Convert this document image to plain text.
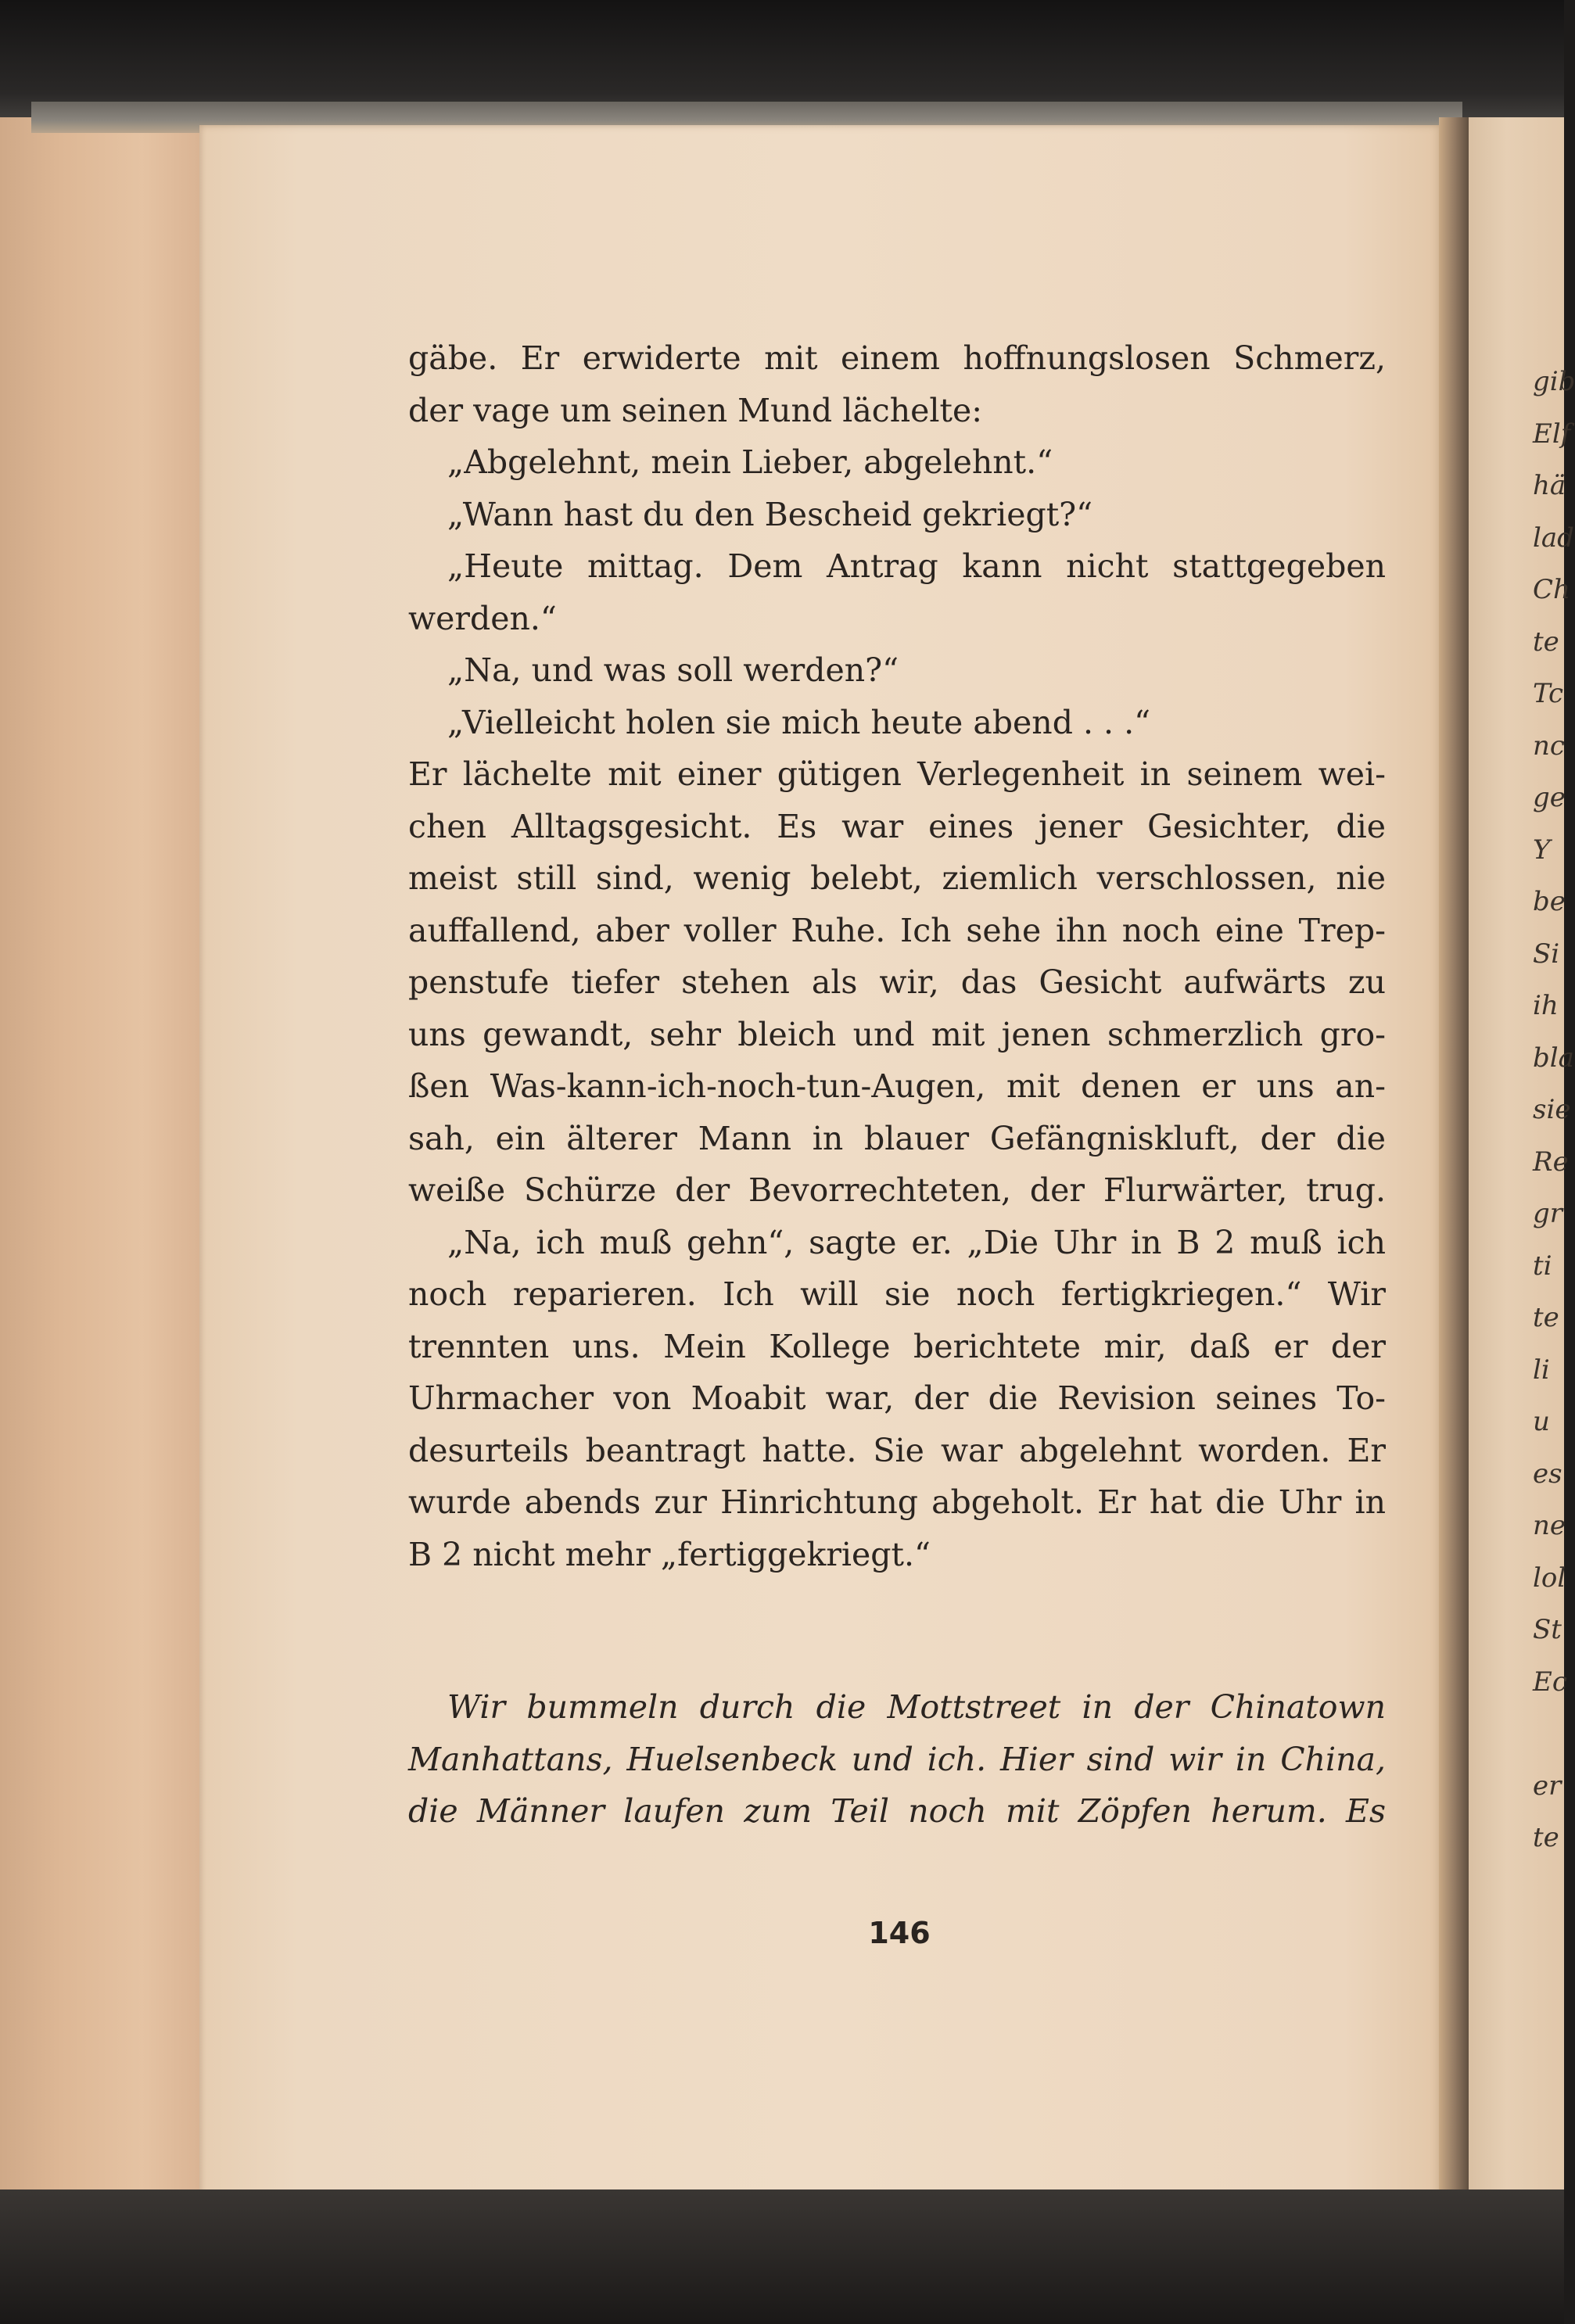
gäbe. Er erwiderte mit einem hoffnungslosen Schmerz,
der vage um seinen Mund lächelte:
„Abgelehnt, mein Lieber, abgelehnt.“
„Wann hast du den Bescheid gekriegt?“
„Heute mittag. Dem Antrag kann nicht stattgegeben
werden.“
„Na, und was soll werden?“
„Vielleicht holen sie mich heute abend . . .“
Er lächelte mit einer gütigen Verlegenheit in seinem wei-
chen Alltagsgesicht. Es war eines jener Gesichter, die
meist still sind, wenig belebt, ziemlich verschlossen, nie
auffallend, aber voller Ruhe. Ich sehe ihn noch eine Trep-
penstufe tiefer stehen als wir, das Gesicht aufwärts zu
uns gewandt, sehr bleich und mit jenen schmerzlich gro-
ßen Was-kann-ich-noch-tun-Augen, mit denen er uns an-
sah, ein älterer Mann in blauer Gefängniskluft, der die
weiße Schürze der Bevorrechteten, der Flurwärter, trug.
„Na, ich muß gehn“, sagte er. „Die Uhr in B 2 muß ich
noch reparieren. Ich will sie noch fertigkriegen.“ Wir
trennten uns. Mein Kollege berichtete mir, daß er der
Uhrmacher von Moabit war, der die Revision seines To-
desurteils beantragt hatte. Sie war abgelehnt worden. Er
wurde abends zur Hinrichtung abgeholt. Er hat die Uhr in
B 2 nicht mehr „fertiggekriegt.“
Wir bummeln durch die Mottstreet in der Chinatown
Manhattans, Huelsenbeck und ich. Hier sind wir in China,
die Männer laufen zum Teil noch mit Zöpfen herum. Es
146
gib
Elf
hä
lad
Ch
te
Tc
nc
ge
Y
be
Si
ih
bla
sie
Re
gr
ti
te
li
u
es
ne
lol
St
Ec
er
te
